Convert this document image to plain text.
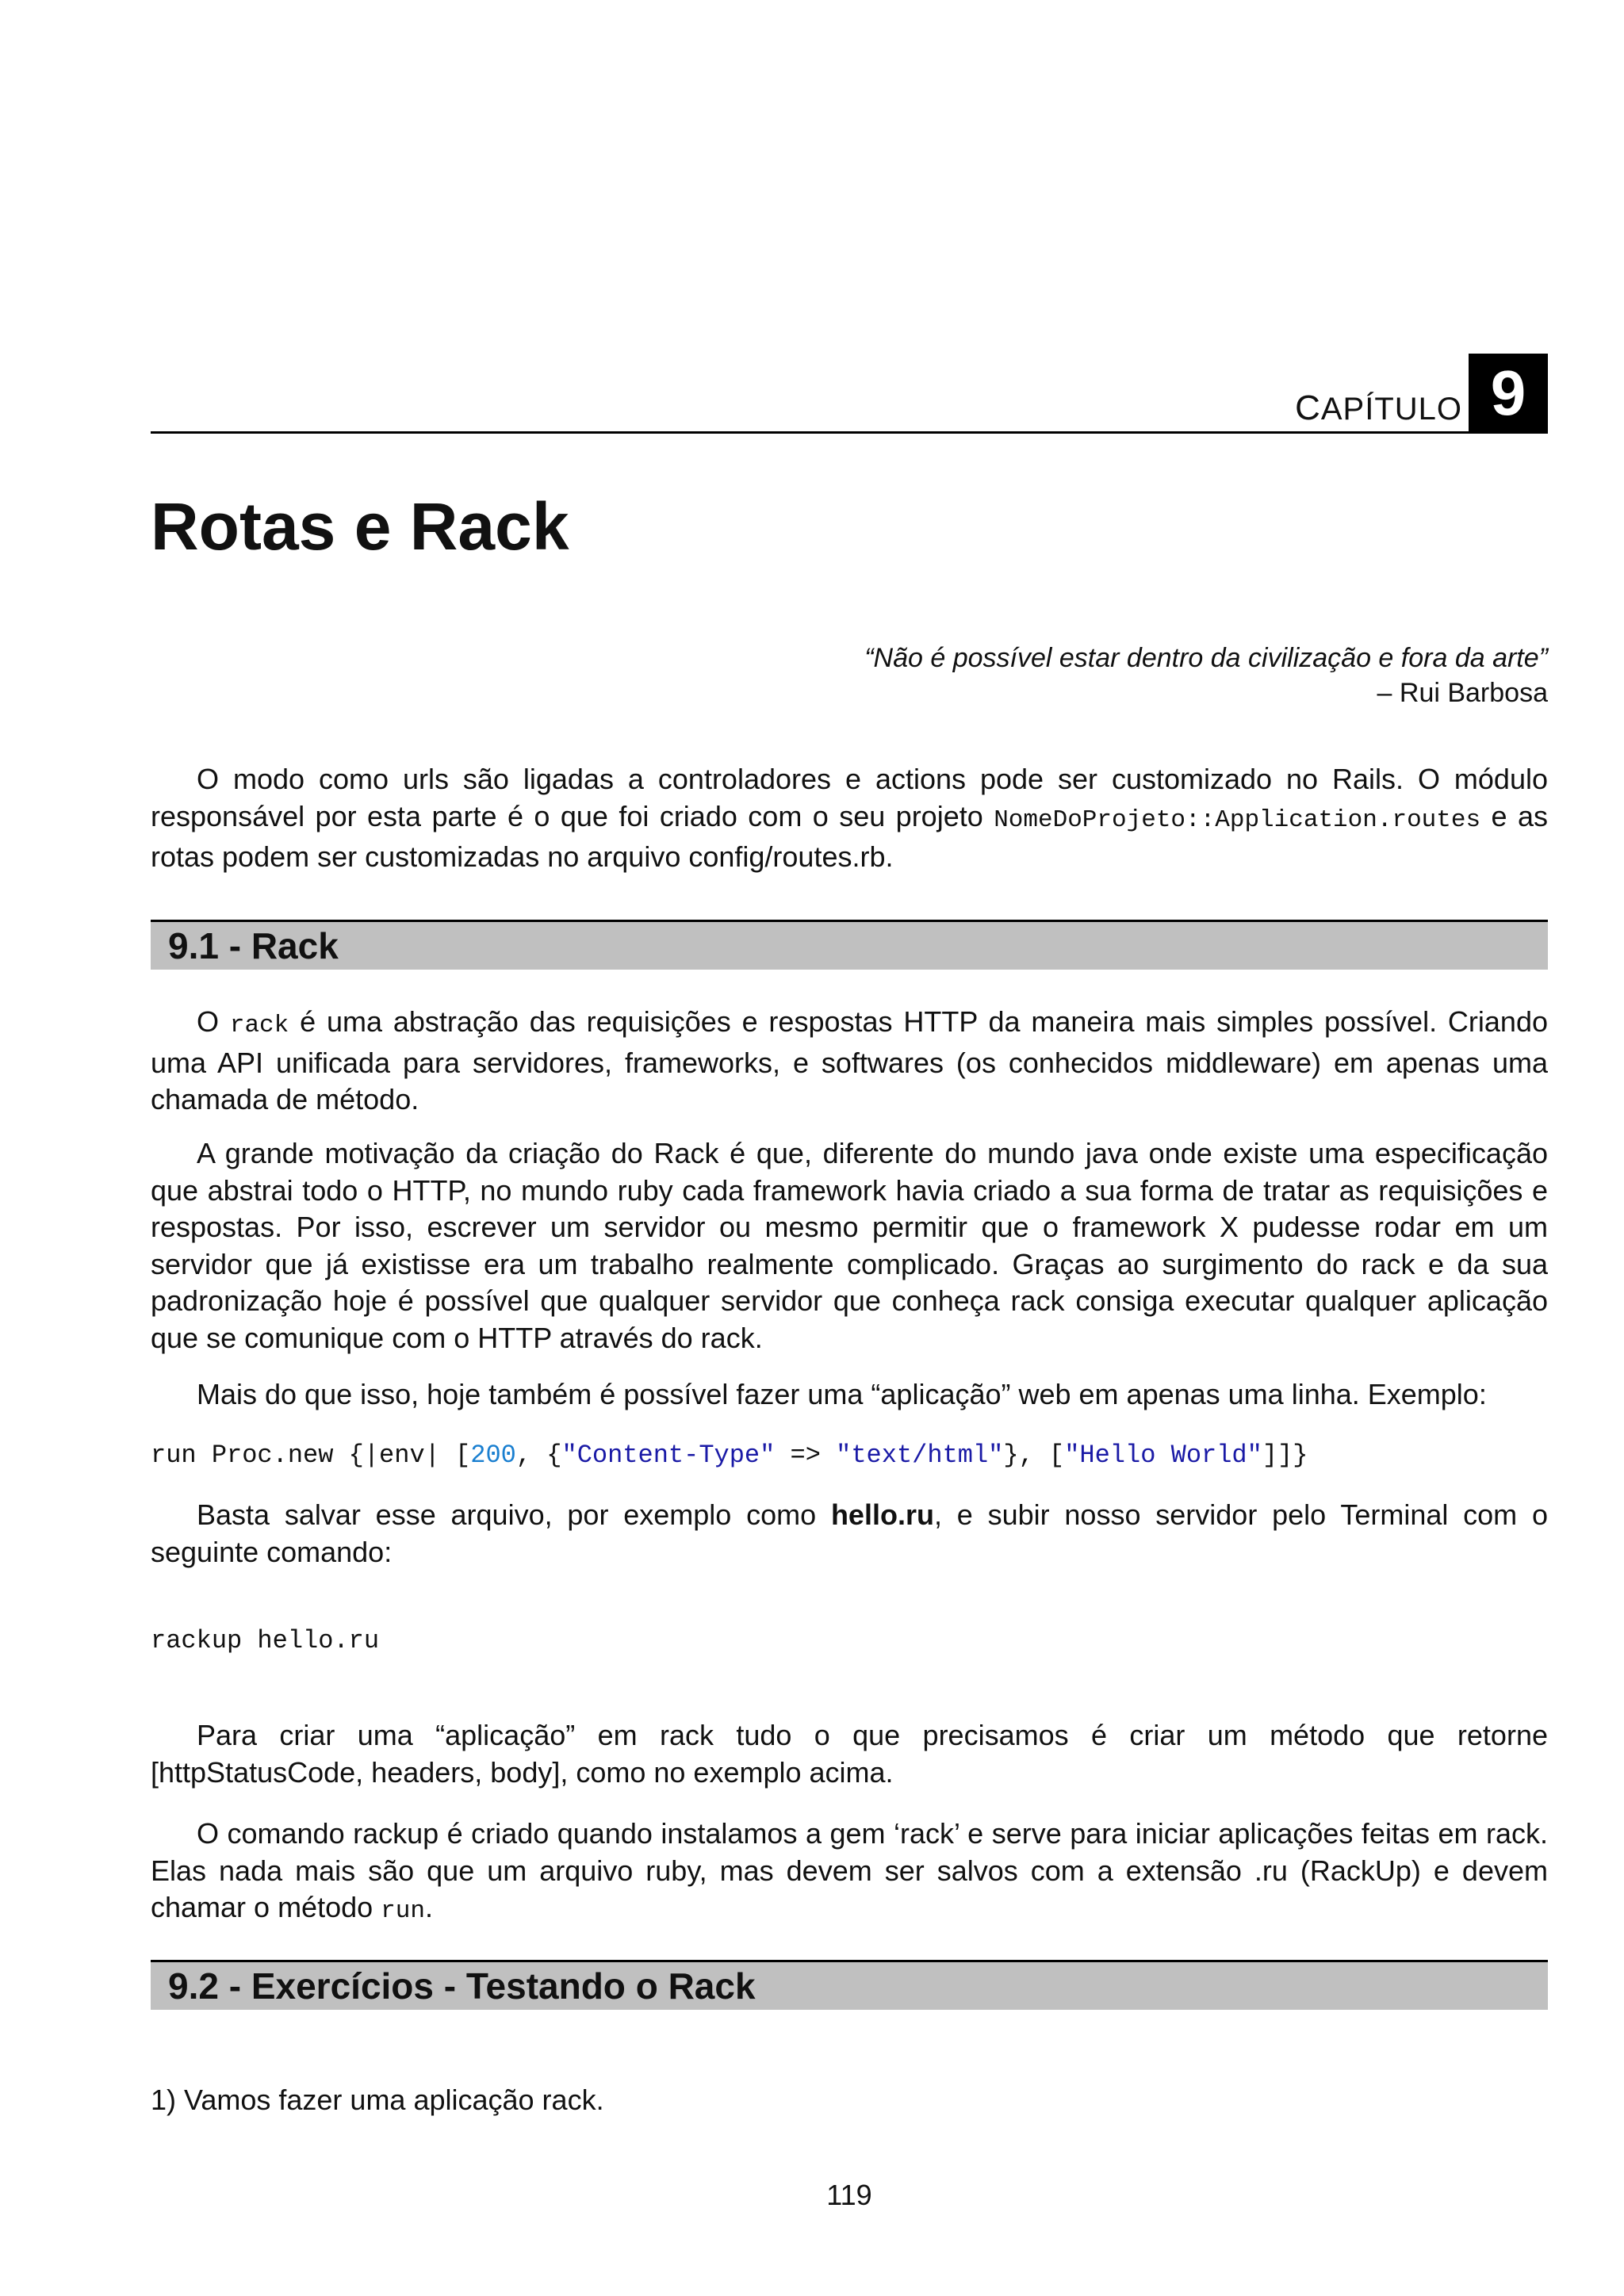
CAPÍTULO 9
Rotas e Rack
“Não é possível estar dentro da civilização e fora da arte”
– Rui Barbosa

O modo como urls são ligadas a controladores e actions pode ser customizado no Rails. O módulo responsável por esta parte é o que foi criado com o seu projeto NomeDoProjeto::Application.routes e as rotas podem ser customizadas no arquivo config/routes.rb.

9.1 - Rack

O rack é uma abstração das requisições e respostas HTTP da maneira mais simples possível. Criando uma API unificada para servidores, frameworks, e softwares (os conhecidos middleware) em apenas uma chamada de método.

A grande motivação da criação do Rack é que, diferente do mundo java onde existe uma especificação que abstrai todo o HTTP, no mundo ruby cada framework havia criado a sua forma de tratar as requisições e respostas. Por isso, escrever um servidor ou mesmo permitir que o framework X pudesse rodar em um servidor que já existisse era um trabalho realmente complicado. Graças ao surgimento do rack e da sua padronização hoje é possível que qualquer servidor que conheça rack consiga executar qualquer aplicação que se comunique com o HTTP através do rack.

Mais do que isso, hoje também é possível fazer uma “aplicação” web em apenas uma linha. Exemplo:

run Proc.new {|env| [200, {"Content-Type" => "text/html"}, ["Hello World"]]}

Basta salvar esse arquivo, por exemplo como hello.ru, e subir nosso servidor pelo Terminal com o seguinte comando:

rackup hello.ru

Para criar uma “aplicação” em rack tudo o que precisamos é criar um método que retorne [httpStatusCode, headers, body], como no exemplo acima.

O comando rackup é criado quando instalamos a gem ‘rack’ e serve para iniciar aplicações feitas em rack. Elas nada mais são que um arquivo ruby, mas devem ser salvos com a extensão .ru (RackUp) e devem chamar o método run.

9.2 - Exercícios - Testando o Rack
1) Vamos fazer uma aplicação rack.
119
